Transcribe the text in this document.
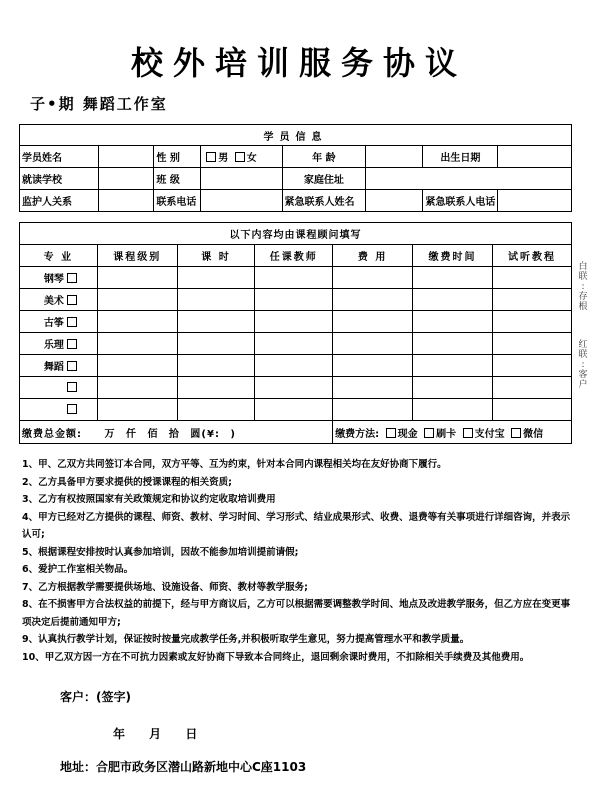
校外培训服务协议
子•期 舞蹈工作室
学员信息							
学员姓名		性 别	男 女	年 龄		出生日期	
就读学校		班 级		家庭住址			
监护人关系		联系电话		紧急联系人姓名		紧急联系人电话	
以下内容均由课程顾问填写						
专 业	课程级别	课 时	任课教师	费 用	缴费时间	试听教程
钢琴						
美术						
古筝						
乐理						
舞蹈						

缴费总金额: 万 仟 佰 拾 圆(¥: )				缴费方法: 现金 刷卡 支付宝 微信		
白
联
:
存
根

红
联
:
客
户

1、甲、乙双方共同签订本合同，双方平等、互为约束，针对本合同内课程相关均在友好协商下履行。

2、乙方具备甲方要求提供的授课课程的相关资质;

3、乙方有权按照国家有关政策规定和协议约定收取培训费用

4、甲方已经对乙方提供的课程、师资、教材、学习时间、学习形式、结业成果形式、收费、退费等有关事项进行详细咨询，并表示认可;

5、根据课程安排按时认真参加培训，因故不能参加培训提前请假;

6、爱护工作室相关物品。

7、乙方根据教学需要提供场地、设施设备、师资、教材等教学服务;

8、在不损害甲方合法权益的前提下，经与甲方商议后，乙方可以根据需要调整教学时间、地点及改进教学服务，但乙方应在变更事项决定后提前通知甲方;

9、认真执行教学计划，保证按时按量完成教学任务,并积极听取学生意见，努力提高管理水平和教学质量。

10、甲乙双方因一方在不可抗力因素或友好协商下导致本合同终止，退回剩余课时费用，不扣除相关手续费及其他费用。

客户：(签字)
年 月 日
地址：合肥市政务区潜山路新地中心C座1103
